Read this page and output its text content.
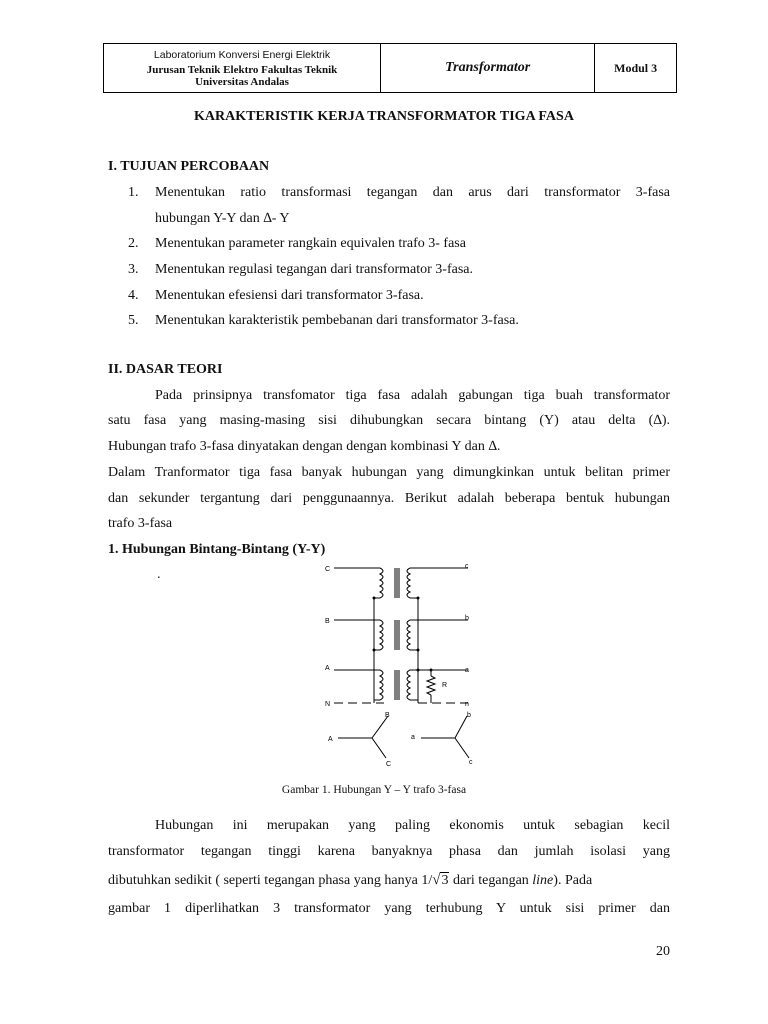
Laboratorium Konversi Energi Elektrik
Jurusan Teknik Elektro Fakultas Teknik
Universitas Andalas
Transformator	Modul 3
KARAKTERISTIK KERJA TRANSFORMATOR TIGA FASA
I. TUJUAN PERCOBAAN
1. Menentukan ratio transformasi tegangan dan arus dari transformator 3-fasa
hubungan Y-Y dan ∆- Y
2. Menentukan parameter rangkain equivalen trafo 3- fasa
3. Menentukan regulasi tegangan dari transformator 3-fasa.
4. Menentukan efesiensi dari transformator 3-fasa.
5. Menentukan karakteristik pembebanan dari transformator 3-fasa.
II. DASAR TEORI
Pada prinsipnya transfomator tiga fasa adalah gabungan tiga buah transformator
satu fasa yang masing-masing sisi dihubungkan secara bintang (Y) atau delta (∆).
Hubungan trafo 3-fasa dinyatakan dengan dengan kombinasi Y dan ∆.
Dalam Tranformator tiga fasa banyak hubungan yang dimungkinkan untuk belitan primer
dan sekunder tergantung dari penggunaannya. Berikut adalah beberapa bentuk hubungan
trafo 3-fasa
1. Hubungan Bintang-Bintang (Y-Y)
.	C	c
B	b
A	a
R
N	n
B	b
A	a
C	c
Gambar 1. Hubungan Y – Y trafo 3-fasa
Hubungan ini merupakan yang paling ekonomis untuk sebagian kecil
transformator tegangan tinggi karena banyaknya phasa dan jumlah isolasi yang
dibutuhkan sedikit ( seperti tegangan phasa yang hanya 1/√3 dari tegangan line). Pada
gambar 1 diperlihatkan 3 transformator yang terhubung Y untuk sisi primer dan
20
